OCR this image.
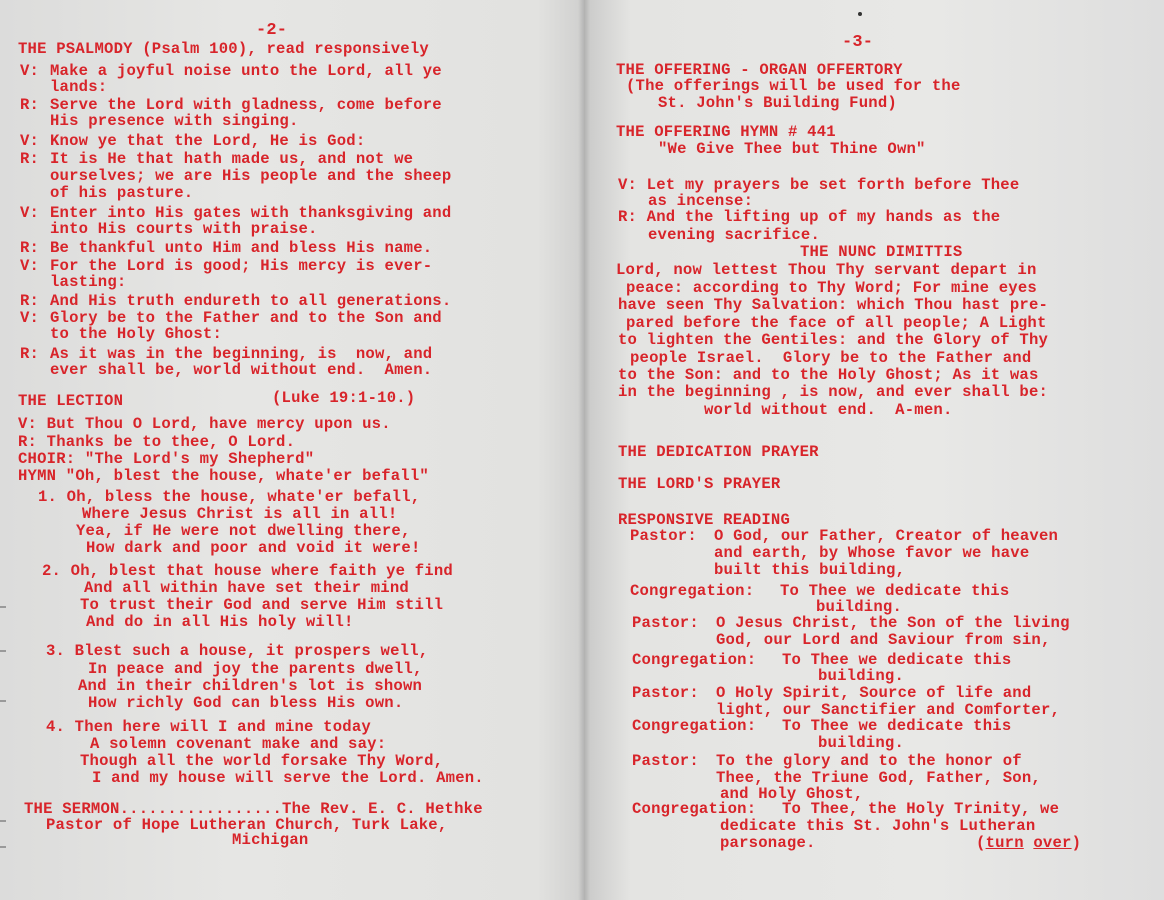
-2-
THE PSALMODY (Psalm 100), read responsively
V: Make a joyful noise unto the Lord, all ye
lands:
R: Serve the Lord with gladness, come before
His presence with singing.
V: Know ye that the Lord, He is God:
R: It is He that hath made us, and not we
ourselves; we are His people and the sheep
of his pasture.
V: Enter into His gates with thanksgiving and
into His courts with praise.
R: Be thankful unto Him and bless His name.
V: For the Lord is good; His mercy is ever-
lasting:
R: And His truth endureth to all generations.
V: Glory be to the Father and to the Son and
to the Holy Ghost:
R: As it was in the beginning, is  now, and
ever shall be, world without end.  Amen.
THE LECTION	(Luke 19:1-10.)
V: But Thou O Lord, have mercy upon us.
R: Thanks be to thee, O Lord.
CHOIR: "The Lord's my Shepherd"
HYMN "Oh, blest the house, whate'er befall"
1. Oh, bless the house, whate'er befall,
Where Jesus Christ is all in all!
Yea, if He were not dwelling there,
How dark and poor and void it were!
2. Oh, blest that house where faith ye find
And all within have set their mind
To trust their God and serve Him still
And do in all His holy will!
3. Blest such a house, it prospers well,
In peace and joy the parents dwell,
And in their children's lot is shown
How richly God can bless His own.
4. Then here will I and mine today
A solemn covenant make and say:
Though all the world forsake Thy Word,
I and my house will serve the Lord. Amen.
THE SERMON.................The Rev. E. C. Hethke
Pastor of Hope Lutheran Church, Turk Lake,
Michigan
-3-
THE OFFERING - ORGAN OFFERTORY
(The offerings will be used for the
St. John's Building Fund)
THE OFFERING HYMN # 441
"We Give Thee but Thine Own"
V: Let my prayers be set forth before Thee
as incense:
R: And the lifting up of my hands as the
evening sacrifice.
THE NUNC DIMITTIS
Lord, now lettest Thou Thy servant depart in
peace: according to Thy Word; For mine eyes
have seen Thy Salvation: which Thou hast pre-
pared before the face of all people; A Light
to lighten the Gentiles: and the Glory of Thy
people Israel.  Glory be to the Father and
to the Son: and to the Holy Ghost; As it was
in the beginning , is now, and ever shall be:
world without end.  A-men.
THE DEDICATION PRAYER
THE LORD'S PRAYER
RESPONSIVE READING
Pastor: O God, our Father, Creator of heaven
and earth, by Whose favor we have
built this building,
Congregation: To Thee we dedicate this
building.
Pastor: O Jesus Christ, the Son of the living
God, our Lord and Saviour from sin,
Congregation: To Thee we dedicate this
building.
Pastor: O Holy Spirit, Source of life and
light, our Sanctifier and Comforter,
Congregation: To Thee we dedicate this
building.
Pastor: To the glory and to the honor of
Thee, the Triune God, Father, Son,
and Holy Ghost,
Congregation: To Thee, the Holy Trinity, we
dedicate this St. John's Lutheran
parsonage.	(turn over)
